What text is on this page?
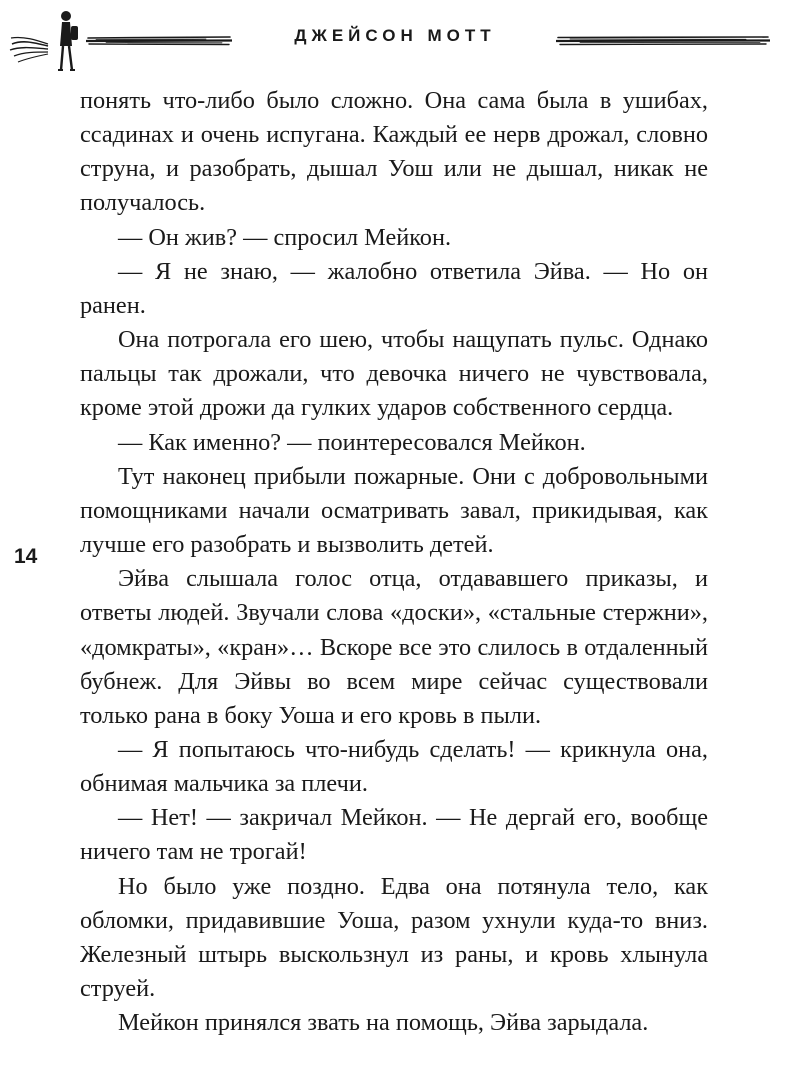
ДЖЕЙСОН МОТТ
14

понять что-либо было сложно. Она сама была в ушибах, ссадинах и очень испугана. Каждый ее нерв дрожал, словно струна, и разобрать, дышал Уош или не дышал, никак не получалось.

— Он жив? — спросил Мейкон.

— Я не знаю, — жалобно ответила Эйва. — Но он ранен.

Она потрогала его шею, чтобы нащупать пульс. Однако пальцы так дрожали, что девочка ничего не чувствовала, кроме этой дрожи да гулких ударов собственного сердца.

— Как именно? — поинтересовался Мейкон.

Тут наконец прибыли пожарные. Они с добровольными помощниками начали осматривать завал, прикидывая, как лучше его разобрать и вызволить детей.

Эйва слышала голос отца, отдававшего приказы, и ответы людей. Звучали слова «доски», «стальные стержни», «домкраты», «кран»… Вскоре все это слилось в отдаленный бубнеж. Для Эйвы во всем мире сейчас существовали только рана в боку Уоша и его кровь в пыли.

— Я попытаюсь что-нибудь сделать! — крикнула она, обнимая мальчика за плечи.

— Нет! — закричал Мейкон. — Не дергай его, вообще ничего там не трогай!

Но было уже поздно. Едва она потянула тело, как обломки, придавившие Уоша, разом ухнули куда-то вниз. Железный штырь выскользнул из раны, и кровь хлынула струей.

Мейкон принялся звать на помощь, Эйва зарыдала.
